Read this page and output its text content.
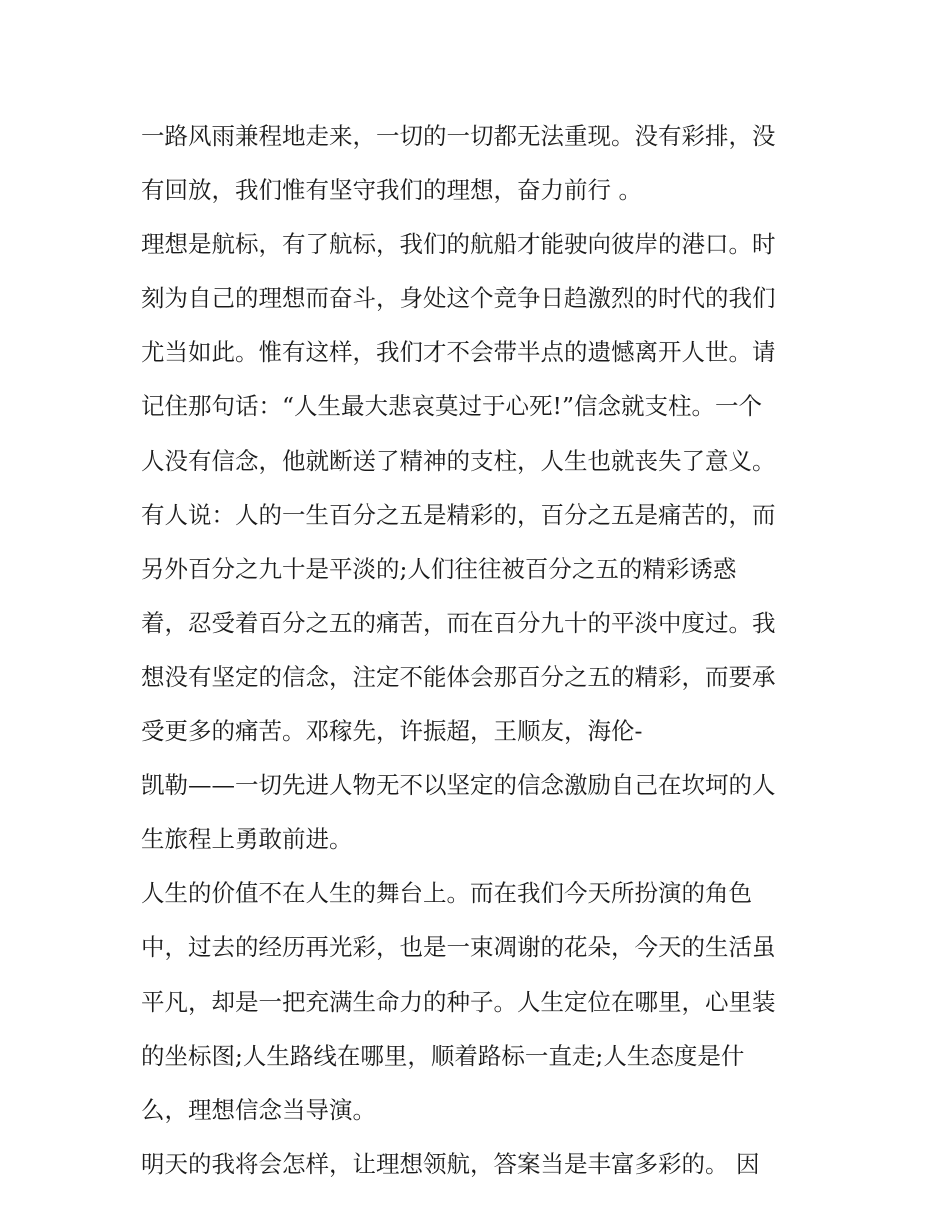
一路风雨兼程地走来，一切的一切都无法重现。没有彩排，没
有回放，我们惟有坚守我们的理想，奋力前行 。
理想是航标，有了航标，我们的航船才能驶向彼岸的港口。时
刻为自己的理想而奋斗，身处这个竞争日趋激烈的时代的我们
尤当如此。惟有这样，我们才不会带半点的遗憾离开人世。请
记住那句话：“人生最大悲哀莫过于心死!”信念就支柱。一个
人没有信念，他就断送了精神的支柱，人生也就丧失了意义。
有人说：人的一生百分之五是精彩的，百分之五是痛苦的，而
另外百分之九十是平淡的;人们往往被百分之五的精彩诱惑
着，忍受着百分之五的痛苦，而在百分九十的平淡中度过。我
想没有坚定的信念，注定不能体会那百分之五的精彩，而要承
受更多的痛苦。邓稼先，许振超，王顺友，海伦-
凯勒——一切先进人物无不以坚定的信念激励自己在坎坷的人
生旅程上勇敢前进。
人生的价值不在人生的舞台上。而在我们今天所扮演的角色
中，过去的经历再光彩，也是一束凋谢的花朵，今天的生活虽
平凡，却是一把充满生命力的种子。人生定位在哪里，心里装
的坐标图;人生路线在哪里，顺着路标一直走;人生态度是什
么，理想信念当导演。
明天的我将会怎样，让理想领航，答案当是丰富多彩的。 因
